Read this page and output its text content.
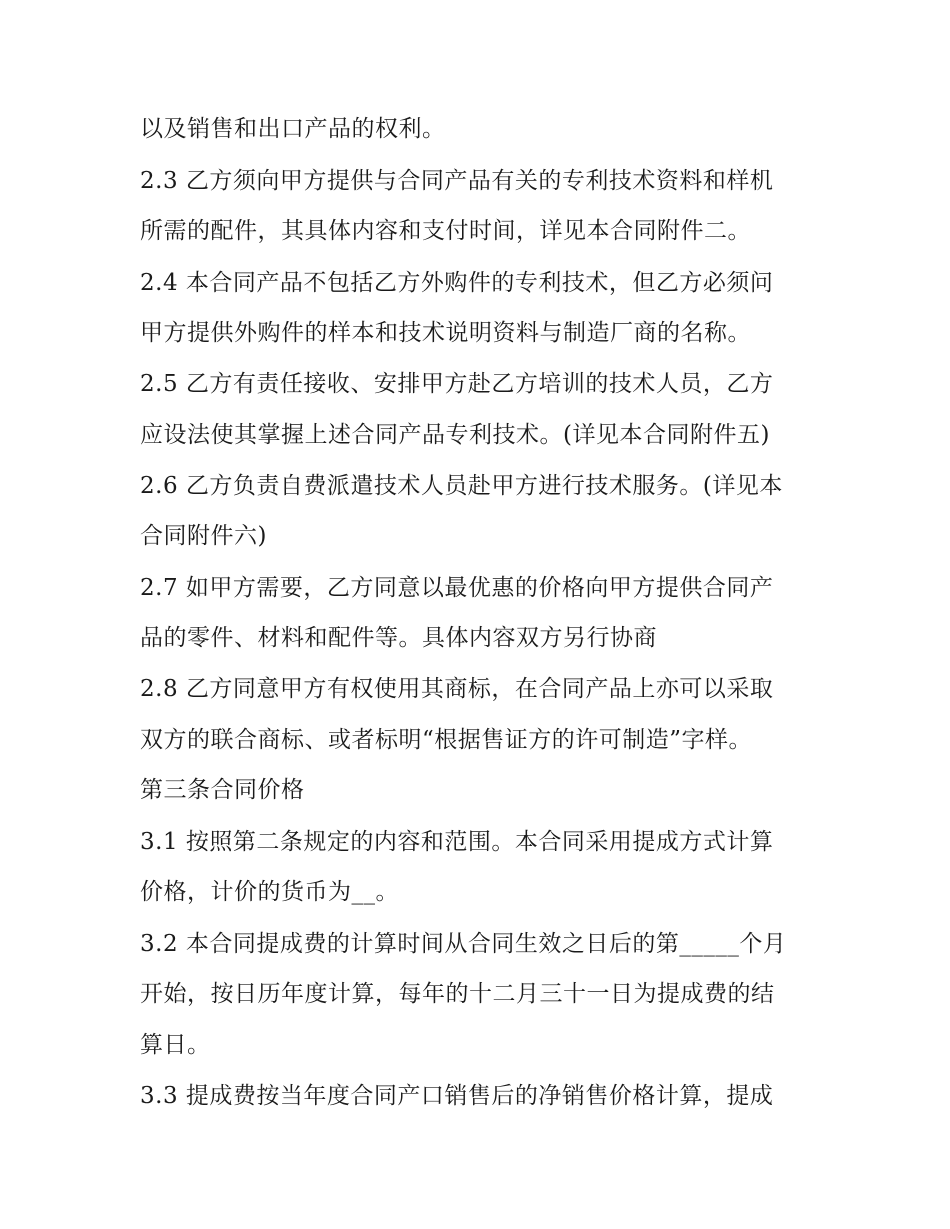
以及销售和出口产品的权利。
2.3 乙方须向甲方提供与合同产品有关的专利技术资料和样机
所需的配件，其具体内容和支付时间，详见本合同附件二。
2.4 本合同产品不包括乙方外购件的专利技术，但乙方必须问
甲方提供外购件的样本和技术说明资料与制造厂商的名称。
2.5 乙方有责任接收、安排甲方赴乙方培训的技术人员，乙方
应设法使其掌握上述合同产品专利技术。(详见本合同附件五)
2.6 乙方负责自费派遣技术人员赴甲方进行技术服务。(详见本
合同附件六)
2.7 如甲方需要，乙方同意以最优惠的价格向甲方提供合同产
品的零件、材料和配件等。具体内容双方另行协商
2.8 乙方同意甲方有权使用其商标，在合同产品上亦可以采取
双方的联合商标、或者标明“根据售证方的许可制造”字样。
第三条合同价格
3.1 按照第二条规定的内容和范围。本合同采用提成方式计算
价格，计价的货币为__。
3.2 本合同提成费的计算时间从合同生效之日后的第_____个月
开始，按日历年度计算，每年的十二月三十一日为提成费的结
算日。
3.3 提成费按当年度合同产口销售后的净销售价格计算，提成
